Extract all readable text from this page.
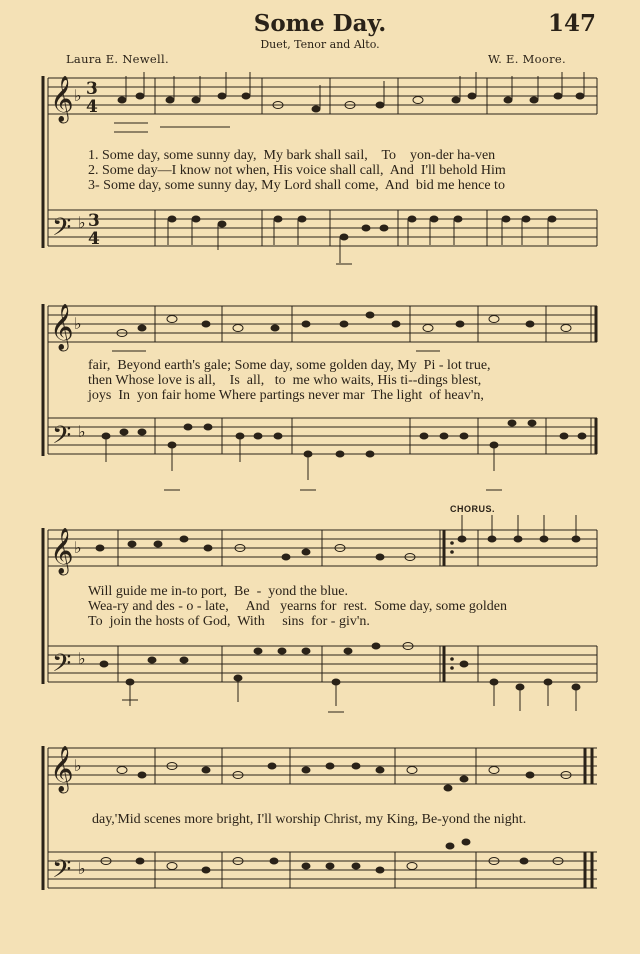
Some Day.	147
Duet, Tenor and Alto.
Laura E. Newell.	W. E. Moore.
𝄞
𝄢
𝄞
𝄢
𝄞
𝄢
𝄞
𝄢
♭
♭
♭
♭
♭
♭
♭
♭
3
4
3
4
1. Some day, some sunny day,  My bark shall sail,    To    yon-der ha-ven
2. Some day—I know not when, His voice shall call,  And  I'll behold Him
3- Some day, some sunny day, My Lord shall come,  And  bid me hence to
fair,  Beyond earth's gale; Some day, some golden day, My  Pi - lot true,
then Whose love is all,    Is  all,   to  me who waits, His ti--dings blest,
joys  In  yon fair home Where partings never mar  The light  of heav'n,
CHORUS.
Will guide me in-to port,  Be  -  yond the blue.
Wea-ry and des - o - late,     And   yearns for  rest.  Some day, some golden
To  join the hosts of God,  With     sins  for - giv'n.
day,'Mid scenes more bright, I'll worship Christ, my King, Be-yond the night.
